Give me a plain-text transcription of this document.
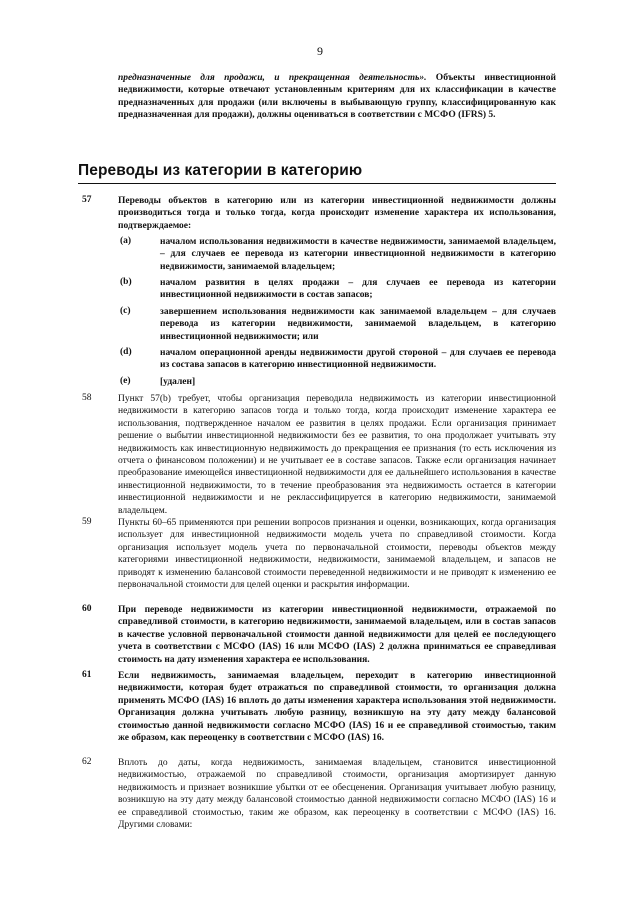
9
предназначенные для продажи, и прекращенная деятельность». Объекты инвестиционной недвижимости, которые отвечают установленным критериям для их классификации в качестве предназначенных для продажи (или включены в выбывающую группу, классифицированную как предназначенная для продажи), должны оцениваться в соответствии с МСФО (IFRS) 5.
Переводы из категории в категорию
57	Переводы объектов в категорию или из категории инвестиционной недвижимости должны производиться тогда и только тогда, когда происходит изменение характера их использования, подтверждаемое:
(a)	началом использования недвижимости в качестве недвижимости, занимаемой владельцем, – для случаев ее перевода из категории инвестиционной недвижимости в категорию недвижимости, занимаемой владельцем;
(b)	началом развития в целях продажи – для случаев ее перевода из категории инвестиционной недвижимости в состав запасов;
(c)	завершением использования недвижимости как занимаемой владельцем – для случаев перевода из категории недвижимости, занимаемой владельцем, в категорию инвестиционной недвижимости; или
(d)	началом операционной аренды недвижимости другой стороной – для случаев ее перевода из состава запасов в категорию инвестиционной недвижимости.
(e)	[удален]
58	Пункт 57(b) требует, чтобы организация переводила недвижимость из категории инвестиционной недвижимости в категорию запасов тогда и только тогда, когда происходит изменение характера ее использования, подтвержденное началом ее развития в целях продажи. Если организация принимает решение о выбытии инвестиционной недвижимости без ее развития, то она продолжает учитывать эту недвижимость как инвестиционную недвижимость до прекращения ее признания (то есть исключения из отчета о финансовом положении) и не учитывает ее в составе запасов. Также если организация начинает преобразование имеющейся инвестиционной недвижимости для ее дальнейшего использования в качестве инвестиционной недвижимости, то в течение преобразования эта недвижимость остается в категории инвестиционной недвижимости и не реклассифицируется в категорию недвижимости, занимаемой владельцем.
59	Пункты 60–65 применяются при решении вопросов признания и оценки, возникающих, когда организация использует для инвестиционной недвижимости модель учета по справедливой стоимости. Когда организация использует модель учета по первоначальной стоимости, переводы объектов между категориями инвестиционной недвижимости, недвижимости, занимаемой владельцем, и запасов не приводят к изменению балансовой стоимости переведенной недвижимости и не приводят к изменению ее первоначальной стоимости для целей оценки и раскрытия информации.
60	При переводе недвижимости из категории инвестиционной недвижимости, отражаемой по справедливой стоимости, в категорию недвижимости, занимаемой владельцем, или в состав запасов в качестве условной первоначальной стоимости данной недвижимости для целей ее последующего учета в соответствии с МСФО (IAS) 16 или МСФО (IAS) 2 должна приниматься ее справедливая стоимость на дату изменения характера ее использования.
61	Если недвижимость, занимаемая владельцем, переходит в категорию инвестиционной недвижимости, которая будет отражаться по справедливой стоимости, то организация должна применять МСФО (IAS) 16 вплоть до даты изменения характера использования этой недвижимости. Организация должна учитывать любую разницу, возникшую на эту дату между балансовой стоимостью данной недвижимости согласно МСФО (IAS) 16 и ее справедливой стоимостью, таким же образом, как переоценку в соответствии с МСФО (IAS) 16.
62	Вплоть до даты, когда недвижимость, занимаемая владельцем, становится инвестиционной недвижимостью, отражаемой по справедливой стоимости, организация амортизирует данную недвижимость и признает возникшие убытки от ее обесценения. Организация учитывает любую разницу, возникшую на эту дату между балансовой стоимостью данной недвижимости согласно МСФО (IAS) 16 и ее справедливой стоимостью, таким же образом, как переоценку в соответствии с МСФО (IAS) 16. Другими словами:
